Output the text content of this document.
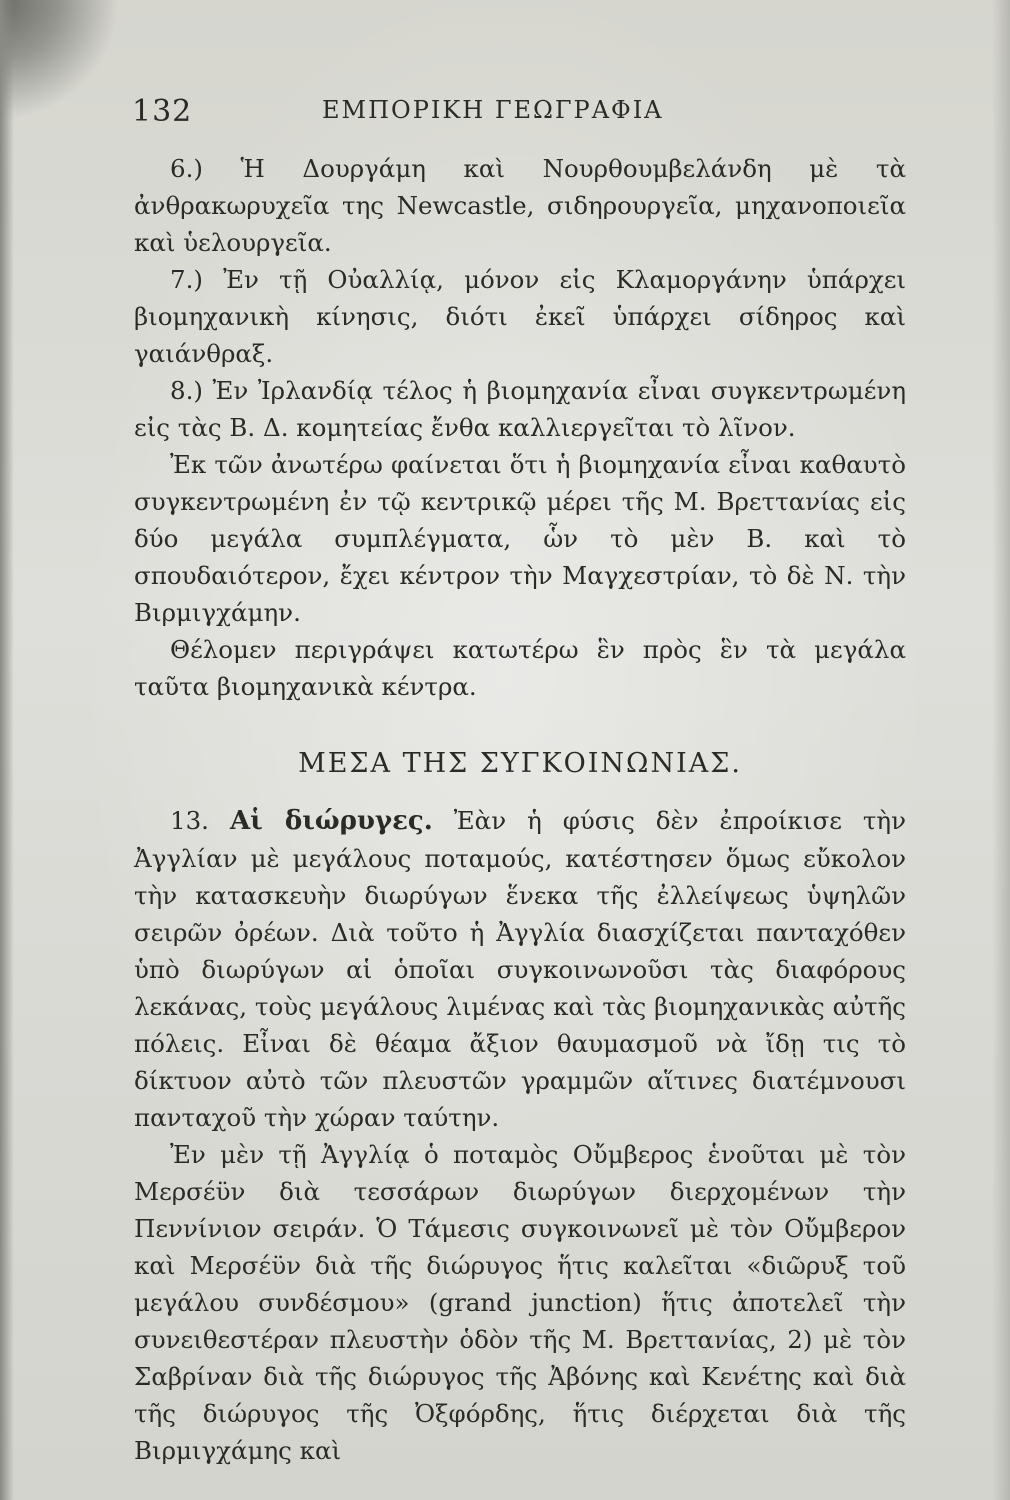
132	ΕΜΠΟΡΙΚΗ ΓΕΩΓΡΑΦΙΑ

6.) Ἡ Δουργάμη καὶ Νουρθουμβελάνδη μὲ τὰ ἀνθρακωρυχεῖα της Newcastle, σιδηρουργεῖα, μηχανοποιεῖα καὶ ὑελουργεῖα.

7.) Ἐν τῇ Οὐαλλίᾳ, μόνον εἰς Κλαμοργάνην ὑπάρχει βιομηχανικὴ κίνησις, διότι ἐκεῖ ὑπάρχει σίδηρος καὶ γαιάνθραξ.

8.) Ἐν Ἰρλανδίᾳ τέλος ἡ βιομηχανία εἶναι συγκεντρωμένη εἰς τὰς Β. Δ. κομητείας ἔνθα καλλιεργεῖται τὸ λῖνον.

Ἐκ τῶν ἀνωτέρω φαίνεται ὅτι ἡ βιομηχανία εἶναι καθαυτὸ συγκεντρωμένη ἐν τῷ κεντρικῷ μέρει τῆς Μ. Βρεττανίας εἰς δύο μεγάλα συμπλέγματα, ὧν τὸ μὲν Β. καὶ τὸ σπουδαιότερον, ἔχει κέντρον τὴν Μαγχεστρίαν, τὸ δὲ Ν. τὴν Βιρμιγχάμην.

Θέλομεν περιγράψει κατωτέρω ἓν πρὸς ἓν τὰ μεγάλα ταῦτα βιομηχανικὰ κέντρα.

ΜΕΣΑ ΤΗΣ ΣΥΓΚΟΙΝΩΝΙΑΣ.

13. Αἱ διώρυγες. Ἐὰν ἡ φύσις δὲν ἐπροίκισε τὴν Ἀγγλίαν μὲ μεγάλους ποταμούς, κατέστησεν ὅμως εὔκολον τὴν κατασκευὴν διωρύγων ἕνεκα τῆς ἐλλείψεως ὑψηλῶν σειρῶν ὀρέων. Διὰ τοῦτο ἡ Ἀγγλία διασχίζεται πανταχόθεν ὑπὸ διωρύγων αἱ ὁποῖαι συγκοινωνοῦσι τὰς διαφόρους λεκάνας, τοὺς μεγάλους λιμένας καὶ τὰς βιομηχανικὰς αὐτῆς πόλεις. Εἶναι δὲ θέαμα ἄξιον θαυμασμοῦ νὰ ἴδῃ τις τὸ δίκτυον αὐτὸ τῶν πλευστῶν γραμμῶν αἵτινες διατέμνουσι πανταχοῦ τὴν χώραν ταύτην.

Ἐν μὲν τῇ Ἀγγλίᾳ ὁ ποταμὸς Οὔμβερος ἑνοῦται μὲ τὸν Μερσέϋν διὰ τεσσάρων διωρύγων διερχομένων τὴν Πεννίνιον σειράν. Ὁ Τάμεσις συγκοινωνεῖ μὲ τὸν Οὔμβερον καὶ Μερσέϋν διὰ τῆς διώρυγος ἥτις καλεῖται «διῶρυξ τοῦ μεγάλου συνδέσμου» (grand junction) ἥτις ἀποτελεῖ τὴν συνειθεστέραν πλευστὴν ὁδὸν τῆς Μ. Βρεττανίας, 2) μὲ τὸν Σαβρίναν διὰ τῆς διώρυγος τῆς Ἀβόνης καὶ Κενέτης καὶ διὰ τῆς διώρυγος τῆς Ὀξφόρδης, ἥτις διέρχεται διὰ τῆς Βιρμιγχάμης καὶ
